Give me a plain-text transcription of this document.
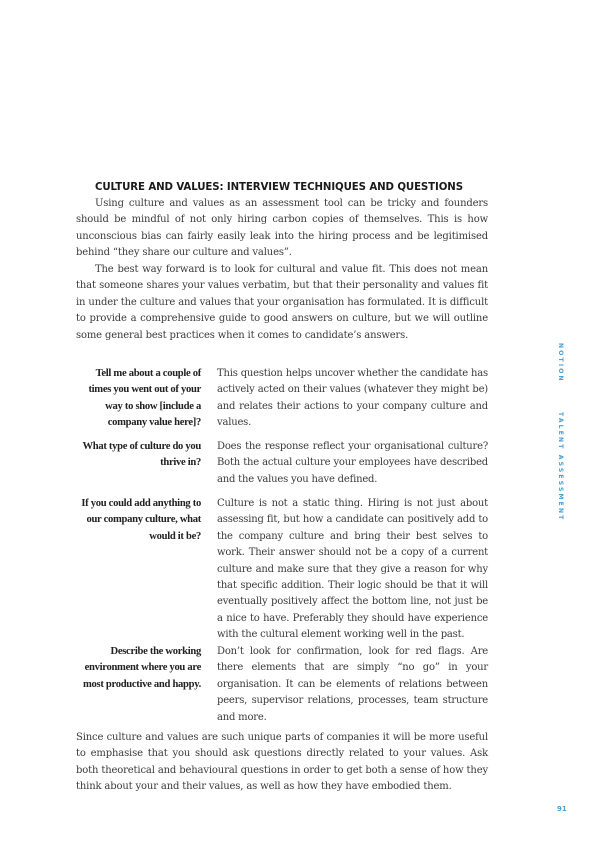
CULTURE AND VALUES: INTERVIEW TECHNIQUES AND QUESTIONS
Using culture and values as an assessment tool can be tricky and founders should be mindful of not only hiring carbon copies of themselves. This is how unconscious bias can fairly easily leak into the hiring process and be legitimised behind “they share our culture and values”.
The best way forward is to look for cultural and value fit. This does not mean that someone shares your values verbatim, but that their personality and values fit in under the culture and values that your organisation has formulated. It is difficult to provide a comprehensive guide to good answers on culture, but we will outline some general best practices when it comes to candidate’s answers.
Tell me about a couple of times you went out of your way to show [include a company value here]?
This question helps uncover whether the candidate has actively acted on their values (whatever they might be) and relates their actions to your company culture and values.
What type of culture do you thrive in?
Does the response reflect your organisational culture? Both the actual culture your employees have described and the values you have defined.
If you could add anything to our company culture, what would it be?
Culture is not a static thing. Hiring is not just about assessing fit, but how a candidate can positively add to the company culture and bring their best selves to work. Their answer should not be a copy of a current culture and make sure that they give a reason for why that specific addition. Their logic should be that it will eventually positively affect the bottom line, not just be a nice to have. Preferably they should have experience with the cultural element working well in the past.
Describe the working environment where you are most productive and happy.
Don’t look for confirmation, look for red flags. Are there elements that are simply “no go” in your organisation. It can be elements of relations between peers, supervisor relations, processes, team structure and more.
Since culture and values are such unique parts of companies it will be more useful to emphasise that you should ask questions directly related to your values. Ask both theoretical and behavioural questions in order to get both a sense of how they think about your and their values, as well as how they have embodied them.
NOTION
TALENT ASSESSMENT
91
